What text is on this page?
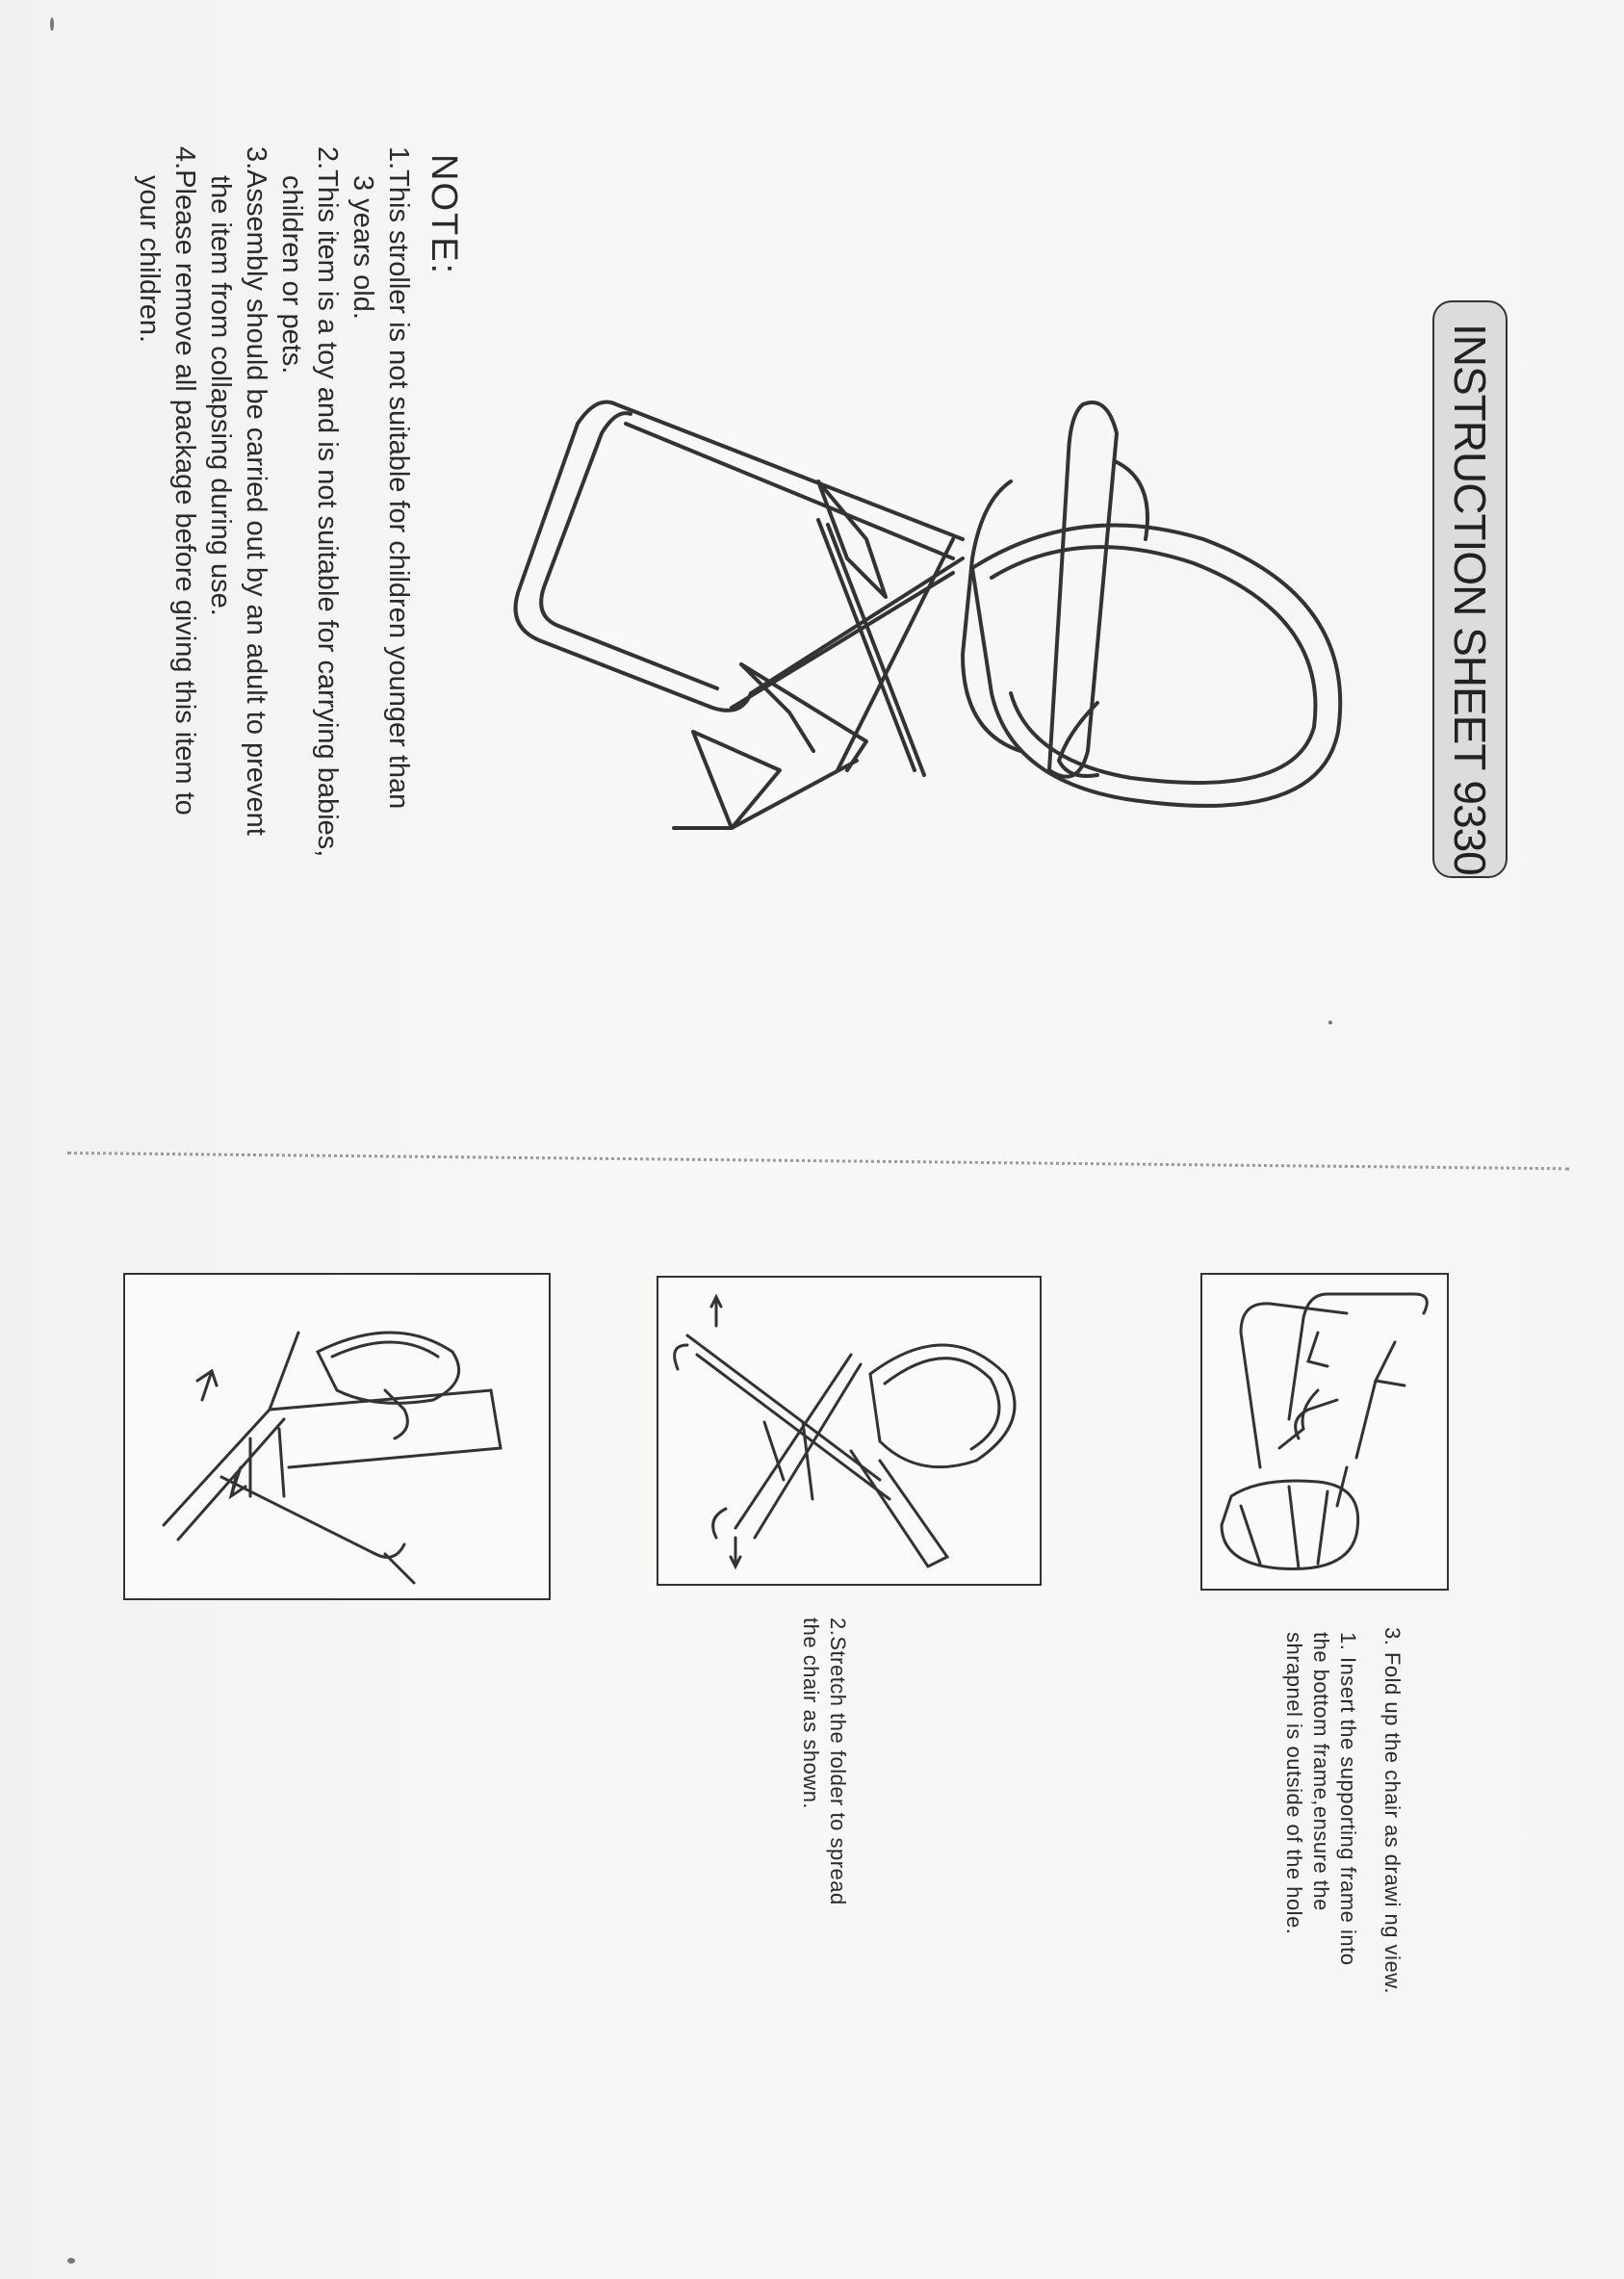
INSTRUCTION SHEET 9330
NOTE:
1.This stroller is not suitable for children younger than
3 years old.
2.This item is a toy and is not suitable for carrying babies,
children or pets.
3.Assembly should be carried out by an adult to prevent
the item from collapsing during use.
4.Please remove all package before giving this item to
your children.
1. Insert the supporting frame into
the bottom frame,ensure the
shrapnel is outside of the hole.
2.Stretch the folder to spread
the chair as shown.	3. Fold up the chair as drawi ng view.
